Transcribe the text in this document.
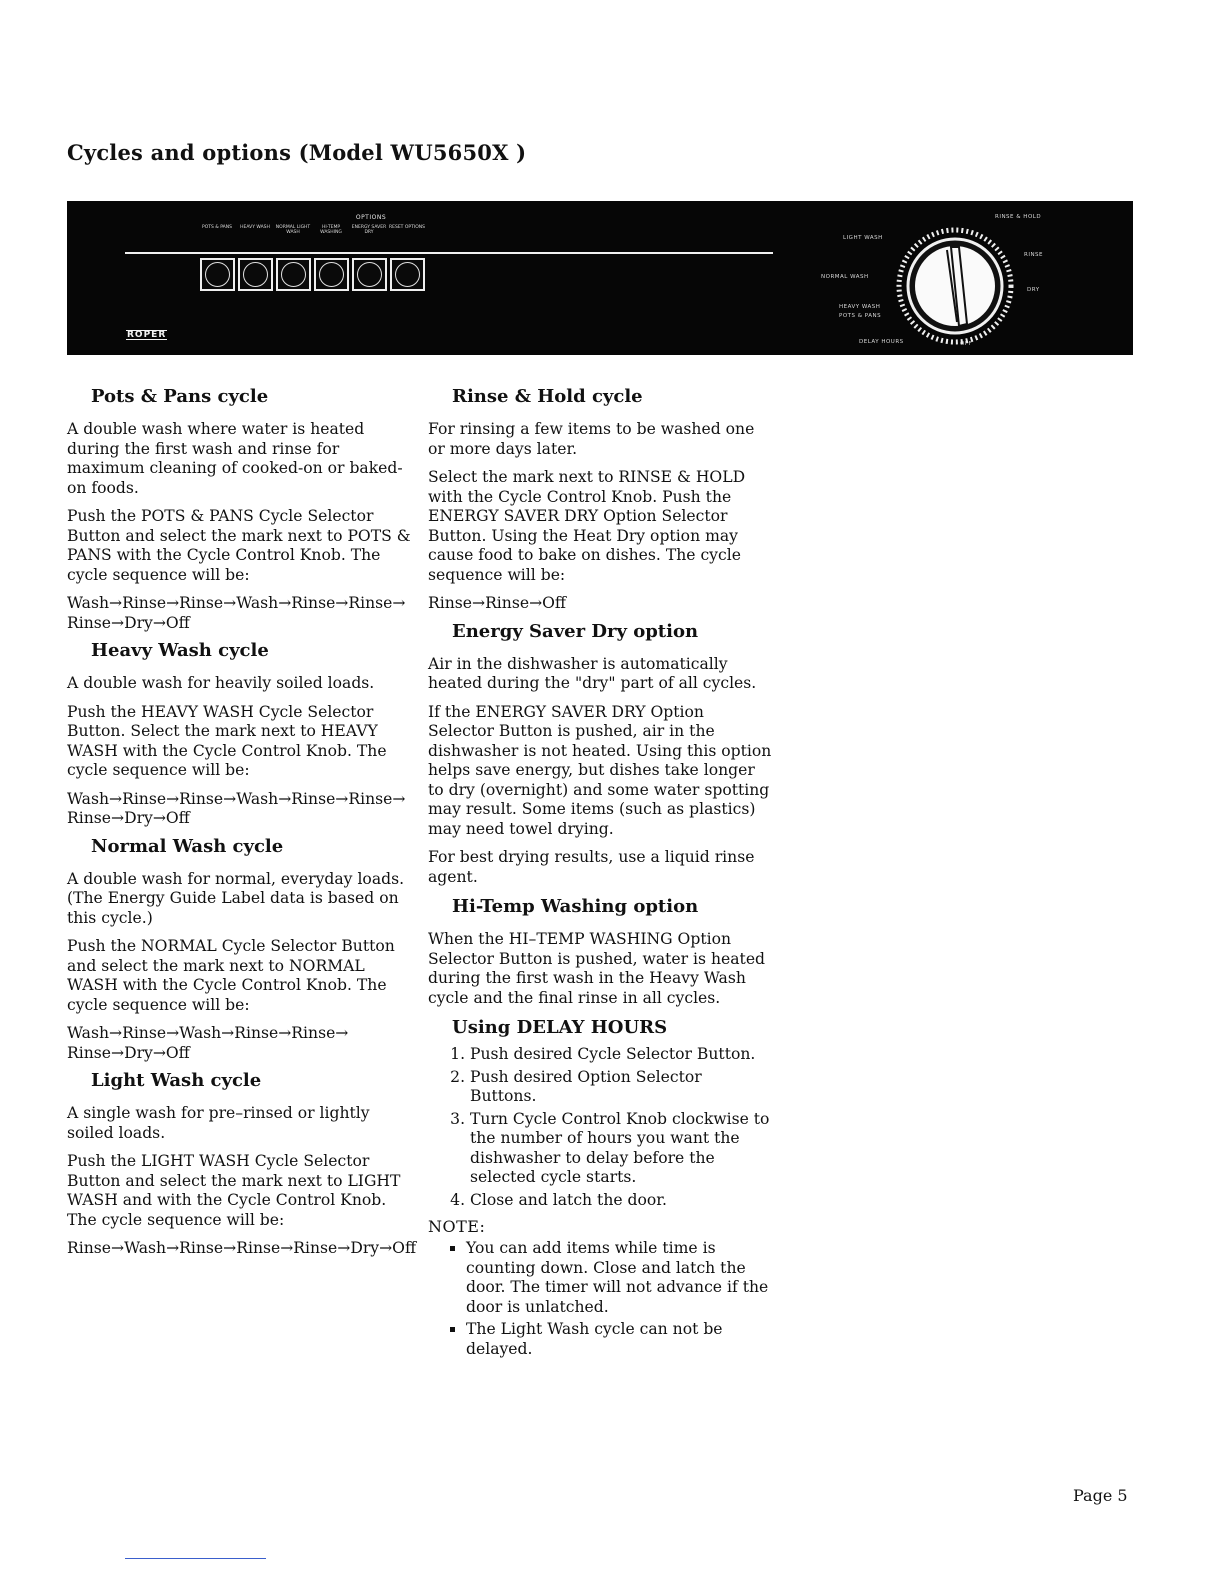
Cycles and options (Model WU5650X )
OPTIONS
POTS & PANS	HEAVY WASH	NORMAL LIGHT WASH
HI-TEMP WASHING
ENERGY SAVER DRY
RESET OPTIONS
ROPER
RINSE & HOLD
LIGHT WASH
RINSE
NORMAL WASH
DRY
HEAVY WASH
POTS & PANS
DELAY HOURS	OFF
Pots & Pans cycle
A double wash where water is heated during the first wash and rinse for maximum cleaning of cooked-on or baked-on foods.
Push the POTS & PANS Cycle Selector Button and select the mark next to POTS & PANS with the Cycle Control Knob. The cycle sequence will be:
Wash→Rinse→Rinse→Wash→Rinse→Rinse→ Rinse→Dry→Off
Heavy Wash cycle
A double wash for heavily soiled loads.
Push the HEAVY WASH Cycle Selector Button. Select the mark next to HEAVY WASH with the Cycle Control Knob. The cycle sequence will be:
Wash→Rinse→Rinse→Wash→Rinse→Rinse→ Rinse→Dry→Off
Normal Wash cycle
A double wash for normal, everyday loads. (The Energy Guide Label data is based on this cycle.)
Push the NORMAL Cycle Selector Button and select the mark next to NORMAL WASH with the Cycle Control Knob. The cycle sequence will be:
Wash→Rinse→Wash→Rinse→Rinse→ Rinse→Dry→Off
Light Wash cycle
A single wash for pre–rinsed or lightly soiled loads.
Push the LIGHT WASH Cycle Selector Button and select the mark next to LIGHT WASH and with the Cycle Control Knob. The cycle sequence will be:
Rinse→Wash→Rinse→Rinse→Rinse→Dry→Off
Rinse & Hold cycle
For rinsing a few items to be washed one or more days later.
Select the mark next to RINSE & HOLD with the Cycle Control Knob. Push the ENERGY SAVER DRY Option Selector Button. Using the Heat Dry option may cause food to bake on dishes. The cycle sequence will be:
Rinse→Rinse→Off
Energy Saver Dry option
Air in the dishwasher is automatically heated during the "dry" part of all cycles.
If the ENERGY SAVER DRY Option Selector Button is pushed, air in the dishwasher is not heated. Using this option helps save energy, but dishes take longer to dry (overnight) and some water spotting may result. Some items (such as plastics) may need towel drying.
For best drying results, use a liquid rinse agent.
Hi-Temp Washing option
When the HI–TEMP WASHING Option Selector Button is pushed, water is heated during the first wash in the Heavy Wash cycle and the final rinse in all cycles.
Using DELAY HOURS
1. Push desired Cycle Selector Button.
2. Push desired Option Selector Buttons.
3. Turn Cycle Control Knob clockwise to the number of hours you want the dishwasher to delay before the selected cycle starts.
4. Close and latch the door.
NOTE:
▪ You can add items while time is counting down. Close and latch the door. The timer will not advance if the door is unlatched.
▪ The Light Wash cycle can not be delayed.
Page 5
